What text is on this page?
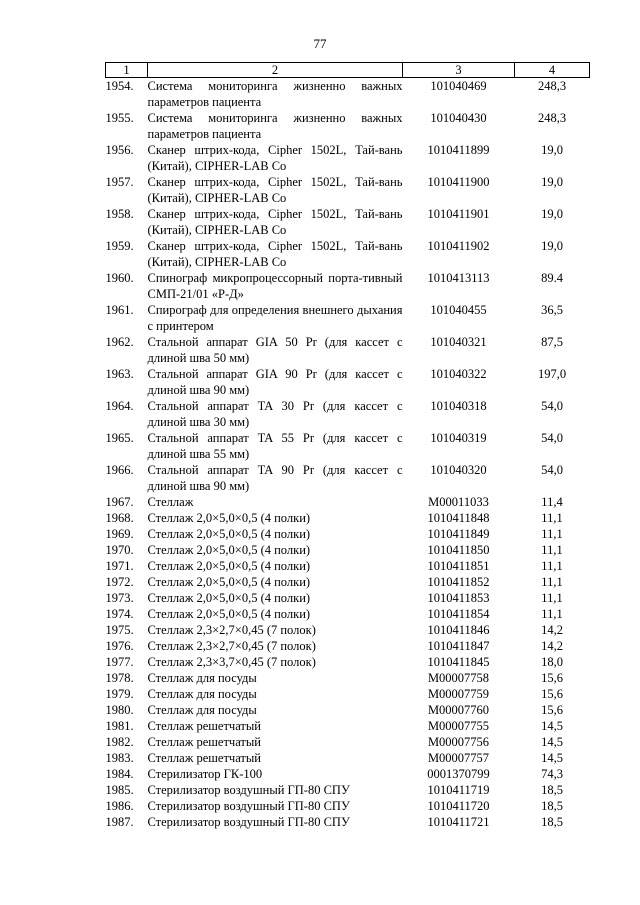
77
1	2	3	4
1954.	Система мониторинга жизненно важных параметров пациента	101040469	248,3
1955.	Система мониторинга жизненно важных параметров пациента	101040430	248,3
1956.	Сканер штрих-кода, Cipher 1502L, Тай-вань (Китай), CIPHER-LAB Co	1010411899	19,0
1957.	Сканер штрих-кода, Cipher 1502L, Тай-вань (Китай), CIPHER-LAB Co	1010411900	19,0
1958.	Сканер штрих-кода, Cipher 1502L, Тай-вань (Китай), CIPHER-LAB Co	1010411901	19,0
1959.	Сканер штрих-кода, Cipher 1502L, Тай-вань (Китай), CIPHER-LAB Co	1010411902	19,0
1960.	Спинограф микропроцессорный порта-тивный СМП-21/01 «Р-Д»	1010413113	89.4
1961.	Спирограф для определения внешнего дыхания с принтером	101040455	36,5
1962.	Стальной аппарат GIA 50 Pr (для кассет с длиной шва 50 мм)	101040321	87,5
1963.	Стальной аппарат GIA 90 Pr (для кассет с длиной шва 90 мм)	101040322	197,0
1964.	Стальной аппарат TA 30 Pr (для кассет с длиной шва 30 мм)	101040318	54,0
1965.	Стальной аппарат TA 55 Pr (для кассет с длиной шва 55 мм)	101040319	54,0
1966.	Стальной аппарат TA 90 Pr (для кассет с длиной шва 90 мм)	101040320	54,0
1967.	Стеллаж	M00011033	11,4
1968.	Стеллаж 2,0×5,0×0,5 (4 полки)	1010411848	11,1
1969.	Стеллаж 2,0×5,0×0,5 (4 полки)	1010411849	11,1
1970.	Стеллаж 2,0×5,0×0,5 (4 полки)	1010411850	11,1
1971.	Стеллаж 2,0×5,0×0,5 (4 полки)	1010411851	11,1
1972.	Стеллаж 2,0×5,0×0,5 (4 полки)	1010411852	11,1
1973.	Стеллаж 2,0×5,0×0,5 (4 полки)	1010411853	11,1
1974.	Стеллаж 2,0×5,0×0,5 (4 полки)	1010411854	11,1
1975.	Стеллаж 2,3×2,7×0,45 (7 полок)	1010411846	14,2
1976.	Стеллаж 2,3×2,7×0,45 (7 полок)	1010411847	14,2
1977.	Стеллаж 2,3×3,7×0,45 (7 полок)	1010411845	18,0
1978.	Стеллаж для посуды	M00007758	15,6
1979.	Стеллаж для посуды	M00007759	15,6
1980.	Стеллаж для посуды	M00007760	15,6
1981.	Стеллаж решетчатый	M00007755	14,5
1982.	Стеллаж решетчатый	M00007756	14,5
1983.	Стеллаж решетчатый	M00007757	14,5
1984.	Стерилизатор ГК-100	0001370799	74,3
1985.	Стерилизатор воздушный ГП-80 СПУ	1010411719	18,5
1986.	Стерилизатор воздушный ГП-80 СПУ	1010411720	18,5
1987.	Стерилизатор воздушный ГП-80 СПУ	1010411721	18,5
